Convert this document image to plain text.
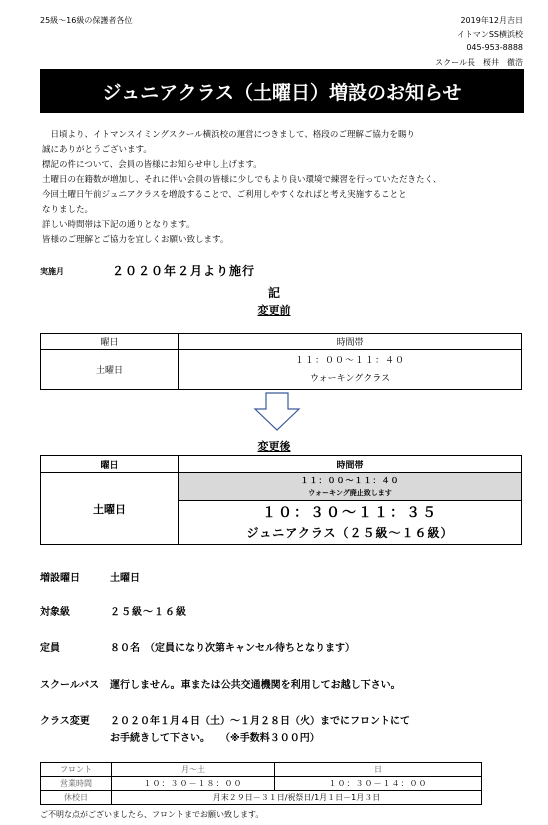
25級～16級の保護者各位	2019年12月吉日
イトマンSS横浜校
045-953-8888
スクール長　桜井　徹浩
ジュニアクラス（土曜日）増設のお知らせ
　日頃より、イトマンスイミングスクール横浜校の運営につきまして、格段のご理解ご協力を賜り
誠にありがとうございます。
標記の件について、会員の皆様にお知らせ申し上げます。
土曜日の在籍数が増加し、それに伴い会員の皆様に少しでもより良い環境で練習を行っていただきたく、
今回土曜日午前ジュニアクラスを増設することで、ご利用しやすくなればと考え実施することと
なりました。
詳しい時間帯は下記の通りとなります。
皆様のご理解とご協力を宜しくお願い致します。
実施月	２０２０年２月より施行
記
変更前
曜日	時間帯
土曜日	１１：００～１１：４０
ウォーキングクラス
変更後
曜日	時間帯
土曜日	１１：００～１１：４０
ウォーキング廃止致します

	１０：３０～１１：３５
ジュニアクラス（２５級～１６級）
増設曜日	土曜日
対象級	２５級～１６級
定員	８０名　（定員になり次第キャンセル待ちとなります）
スクールバス 運行しません。車または公共交通機関を利用してお越し下さい。
クラス変更 ２０２０年１月４日（土）～１月２８日（火）までにフロントにて
お手続きして下さい。　　（※手数料３００円）
フロント	月～土	日
営業時間	１０：３０－１８：００	１０：３０－１４：００
休校日	月末２９日－３１日/祝祭日/1月１日－1月３日	
ご不明な点がございましたら、フロントまでお願い致します。
